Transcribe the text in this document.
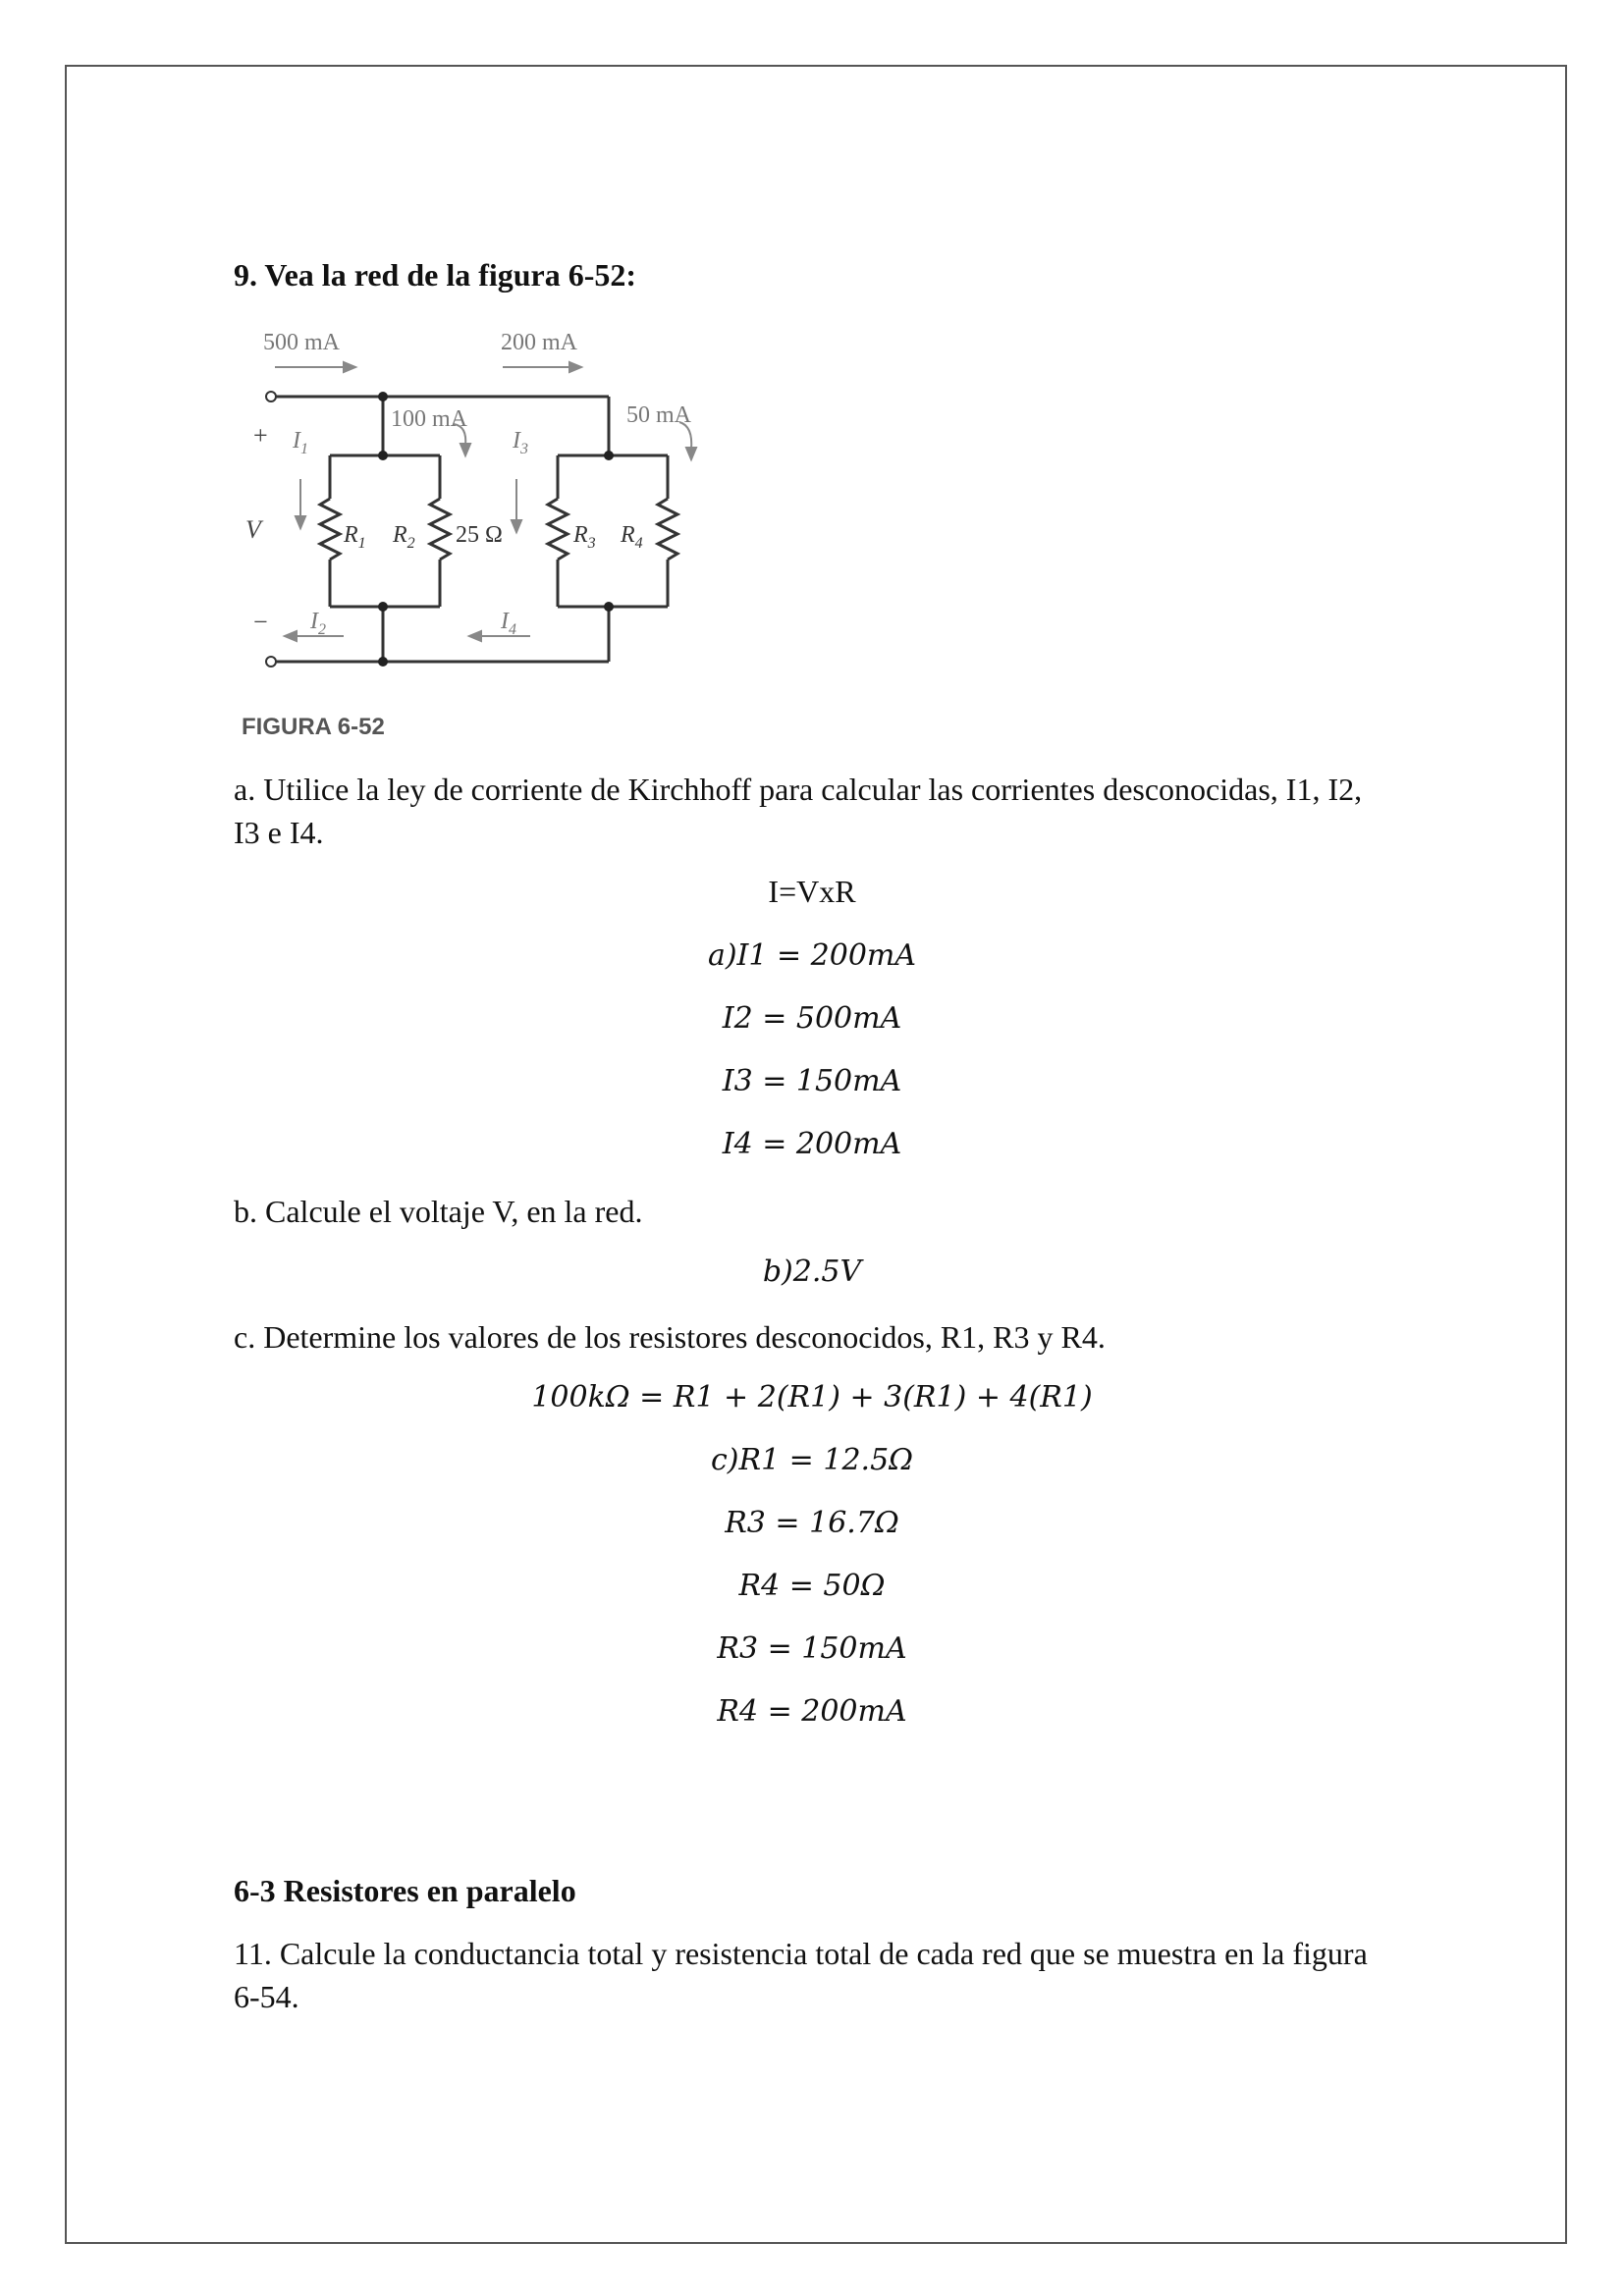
9. Vea la red de la figura 6-52:
500 mA	200 mA
100 mA	50 mA
+
−
V
$I_1$
$I_2$
$I_3$
$I_4$
$R_1$ $R_2$ 25 Ω	$R_3$ $R_4$
FIGURA 6-52
a. Utilice la ley de corriente de Kirchhoff para calcular las corrientes desconocidas, I1, I2, I3 e I4.
I=VxR
a)I1 = 200mA
I2 = 500mA
I3 = 150mA
I4 = 200mA
b. Calcule el voltaje V, en la red.
b)2.5V
c. Determine los valores de los resistores desconocidos, R1, R3 y R4.
100kΩ = R1 + 2(R1) + 3(R1) + 4(R1)
c)R1 = 12.5Ω
R3 = 16.7Ω
R4 = 50Ω
R3 = 150mA
R4 = 200mA
6-3 Resistores en paralelo
11. Calcule la conductancia total y resistencia total de cada red que se muestra en la figura 6-54.
